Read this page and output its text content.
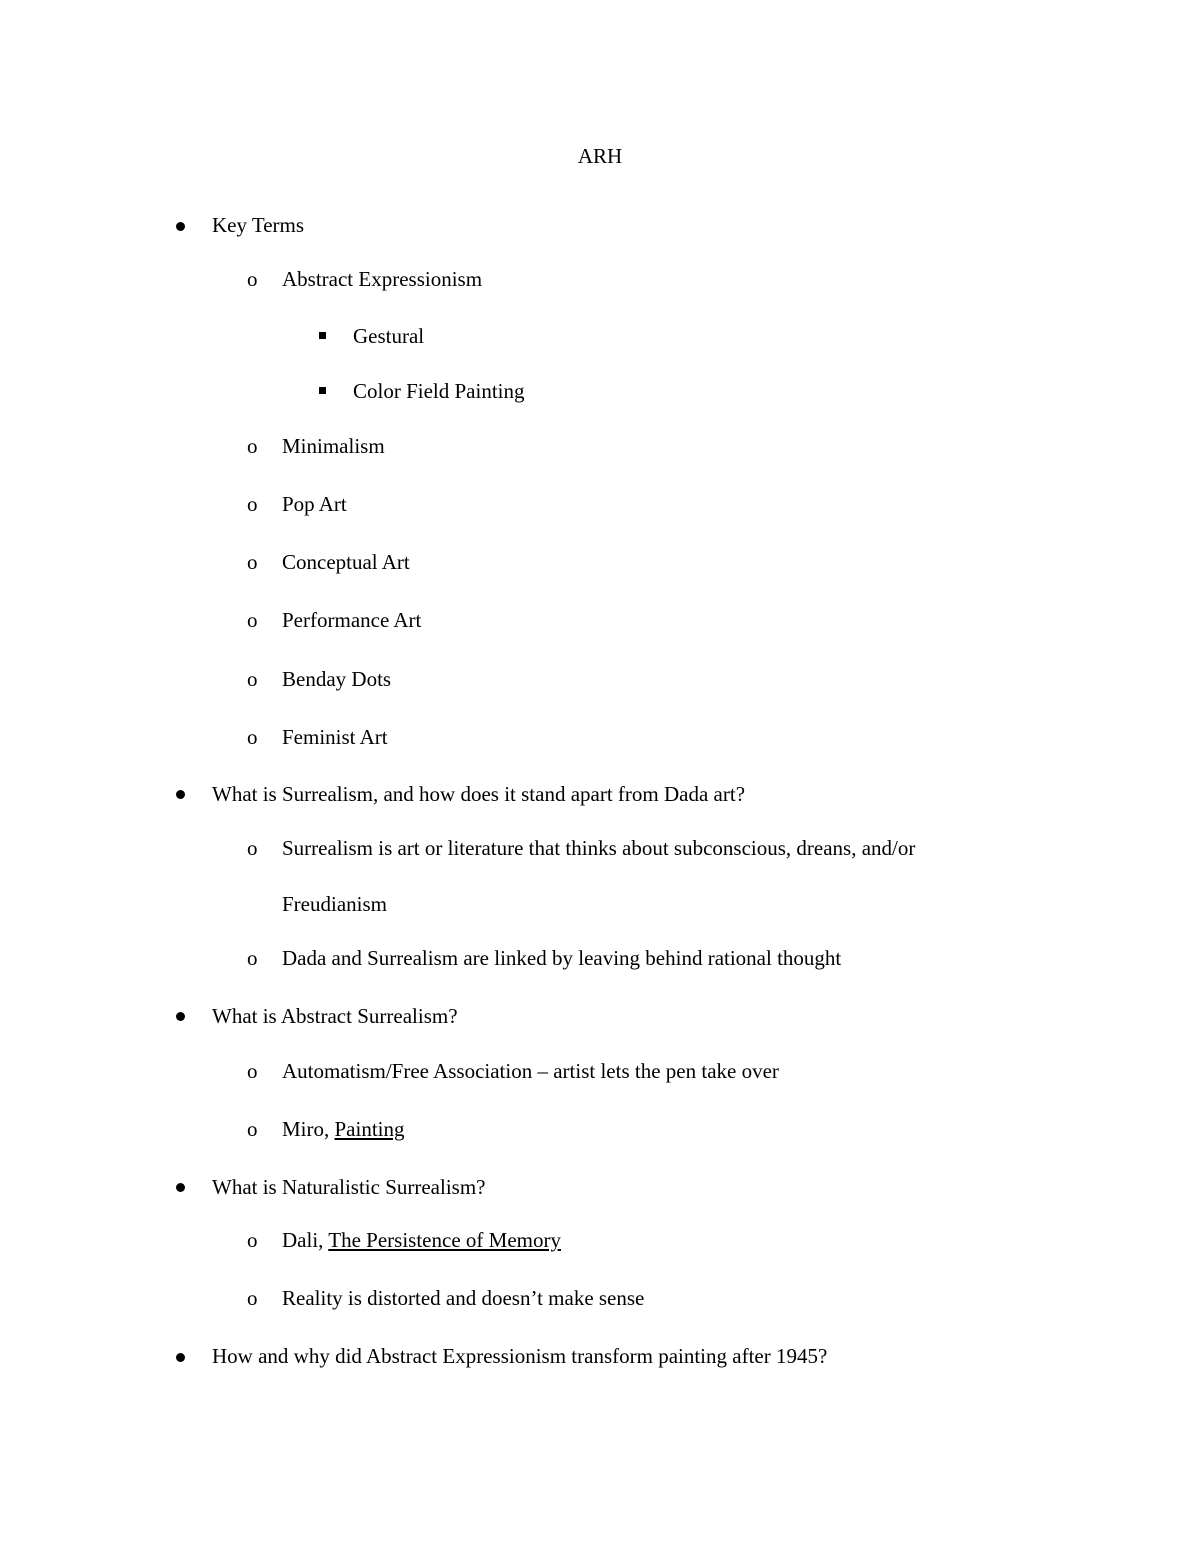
ARH
Key Terms
o Abstract Expressionism
Gestural
Color Field Painting
o Minimalism
o Pop Art
o Conceptual Art
o Performance Art
o Benday Dots
o Feminist Art
What is Surrealism, and how does it stand apart from Dada art?
o Surrealism is art or literature that thinks about subconscious, dreans, and/or
Freudianism
o Dada and Surrealism are linked by leaving behind rational thought
What is Abstract Surrealism?
o Automatism/Free Association – artist lets the pen take over
o Miro, Painting
What is Naturalistic Surrealism?
o Dali, The Persistence of Memory
o Reality is distorted and doesn’t make sense
How and why did Abstract Expressionism transform painting after 1945?
